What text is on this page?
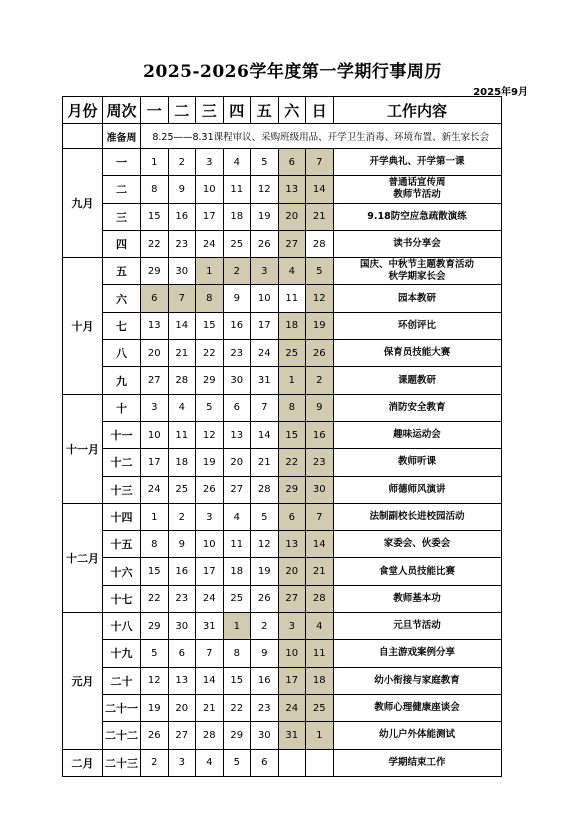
2025-2026学年度第一学期行事周历
2025年9月
月份	周次	一	二	三	四	五	六	日	工作内容
	准备周	8.25——8.31课程审议、采购班级用品、开学卫生消毒、环境布置、新生家长会							
九月	一	1	2	3	4	5	6	7	开学典礼、开学第一课

	二	8	9	10	11	12	13	14	普通话宣传周
教师节活动

	三	15	16	17	18	19	20	21	9.18防空应急疏散演练

	四	22	23	24	25	26	27	28	读书分享会

十月	五	29	30	1	2	3	4	5	国庆、中秋节主题教育活动
秋学期家长会

	六	6	7	8	9	10	11	12	园本教研

	七	13	14	15	16	17	18	19	环创评比

	八	20	21	22	23	24	25	26	保育员技能大赛

	九	27	28	29	30	31	1	2	课题教研

十一月	十	3	4	5	6	7	8	9	消防安全教育

	十一	10	11	12	13	14	15	16	趣味运动会

	十二	17	18	19	20	21	22	23	教师听课

	十三	24	25	26	27	28	29	30	师德师风演讲

十二月	十四	1	2	3	4	5	6	7	法制副校长进校园活动

	十五	8	9	10	11	12	13	14	家委会、伙委会

	十六	15	16	17	18	19	20	21	食堂人员技能比赛

	十七	22	23	24	25	26	27	28	教师基本功

元月	十八	29	30	31	1	2	3	4	元旦节活动

	十九	5	6	7	8	9	10	11	自主游戏案例分享

	二十	12	13	14	15	16	17	18	幼小衔接与家庭教育

	二十一	19	20	21	22	23	24	25	教师心理健康座谈会

	二十二	26	27	28	29	30	31	1	幼儿户外体能测试

二月	二十三	2	3	4	5	6			学期结束工作
